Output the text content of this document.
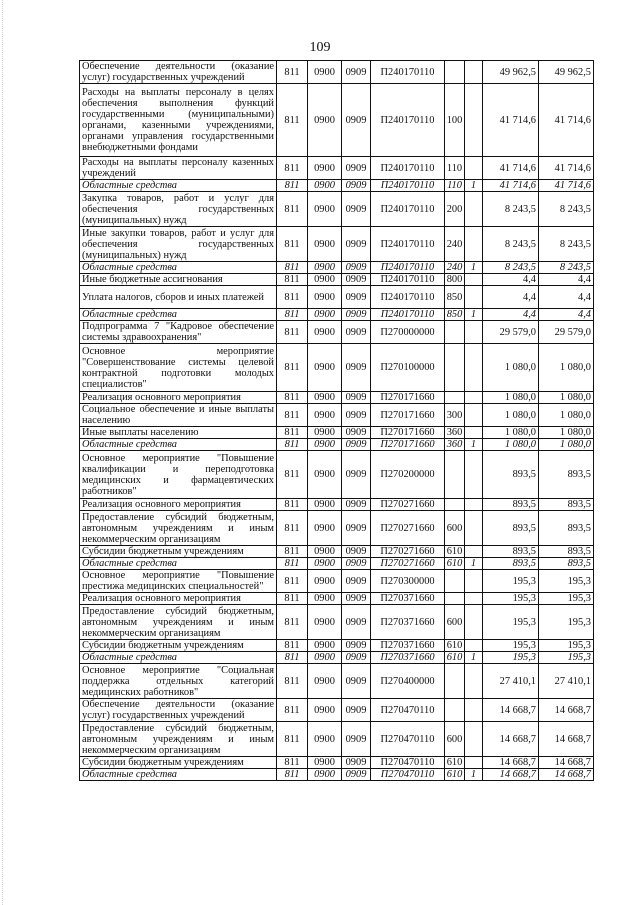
109
Обеспечение деятельности (оказание услуг) государственных учреждений	811	0900	0909	П240170110			49 962,5	49 962,5
Расходы на выплаты персоналу в целях обеспечения выполнения функций государственными (муниципальными) органами, казенными учреждениями, органами управления государственными внебюджетными фондами	811	0900	0909	П240170110	100		41 714,6	41 714,6
Расходы на выплаты персоналу казенных учреждений	811	0900	0909	П240170110	110		41 714,6	41 714,6
Областные средства	811	0900	0909	П240170110	110	1	41 714,6	41 714,6
Закупка товаров, работ и услуг для обеспечения государственных (муниципальных) нужд	811	0900	0909	П240170110	200		8 243,5	8 243,5
Иные закупки товаров, работ и услуг для обеспечения государственных (муниципальных) нужд	811	0900	0909	П240170110	240		8 243,5	8 243,5
Областные средства	811	0900	0909	П240170110	240	1	8 243,5	8 243,5
Иные бюджетные ассигнования	811	0900	0909	П240170110	800		4,4	4,4
Уплата налогов, сборов и иных платежей	811	0900	0909	П240170110	850		4,4	4,4
Областные средства	811	0900	0909	П240170110	850	1	4,4	4,4
Подпрограмма 7 "Кадровое обеспечение системы здравоохранения"	811	0900	0909	П270000000			29 579,0	29 579,0
Основное мероприятие "Совершенствование системы целевой контрактной подготовки молодых специалистов"	811	0900	0909	П270100000			1 080,0	1 080,0
Реализация основного мероприятия	811	0900	0909	П270171660			1 080,0	1 080,0
Социальное обеспечение и иные выплаты населению	811	0900	0909	П270171660	300		1 080,0	1 080,0
Иные выплаты населению	811	0900	0909	П270171660	360		1 080,0	1 080,0
Областные средства	811	0900	0909	П270171660	360	1	1 080,0	1 080,0
Основное мероприятие "Повышение квалификации и переподготовка медицинских и фармацевтических работников"	811	0900	0909	П270200000			893,5	893,5
Реализация основного мероприятия	811	0900	0909	П270271660			893,5	893,5
Предоставление субсидий бюджетным, автономным учреждениям и иным некоммерческим организациям	811	0900	0909	П270271660	600		893,5	893,5
Субсидии бюджетным учреждениям	811	0900	0909	П270271660	610		893,5	893,5
Областные средства	811	0900	0909	П270271660	610	1	893,5	893,5
Основное мероприятие "Повышение престижа медицинских специальностей"	811	0900	0909	П270300000			195,3	195,3
Реализация основного мероприятия	811	0900	0909	П270371660			195,3	195,3
Предоставление субсидий бюджетным, автономным учреждениям и иным некоммерческим организациям	811	0900	0909	П270371660	600		195,3	195,3
Субсидии бюджетным учреждениям	811	0900	0909	П270371660	610		195,3	195,3
Областные средства	811	0900	0909	П270371660	610	1	195,3	195,3
Основное мероприятие "Социальная поддержка отдельных категорий медицинских работников"	811	0900	0909	П270400000			27 410,1	27 410,1
Обеспечение деятельности (оказание услуг) государственных учреждений	811	0900	0909	П270470110			14 668,7	14 668,7
Предоставление субсидий бюджетным, автономным учреждениям и иным некоммерческим организациям	811	0900	0909	П270470110	600		14 668,7	14 668,7
Субсидии бюджетным учреждениям	811	0900	0909	П270470110	610		14 668,7	14 668,7
Областные средства	811	0900	0909	П270470110	610	1	14 668,7	14 668,7
